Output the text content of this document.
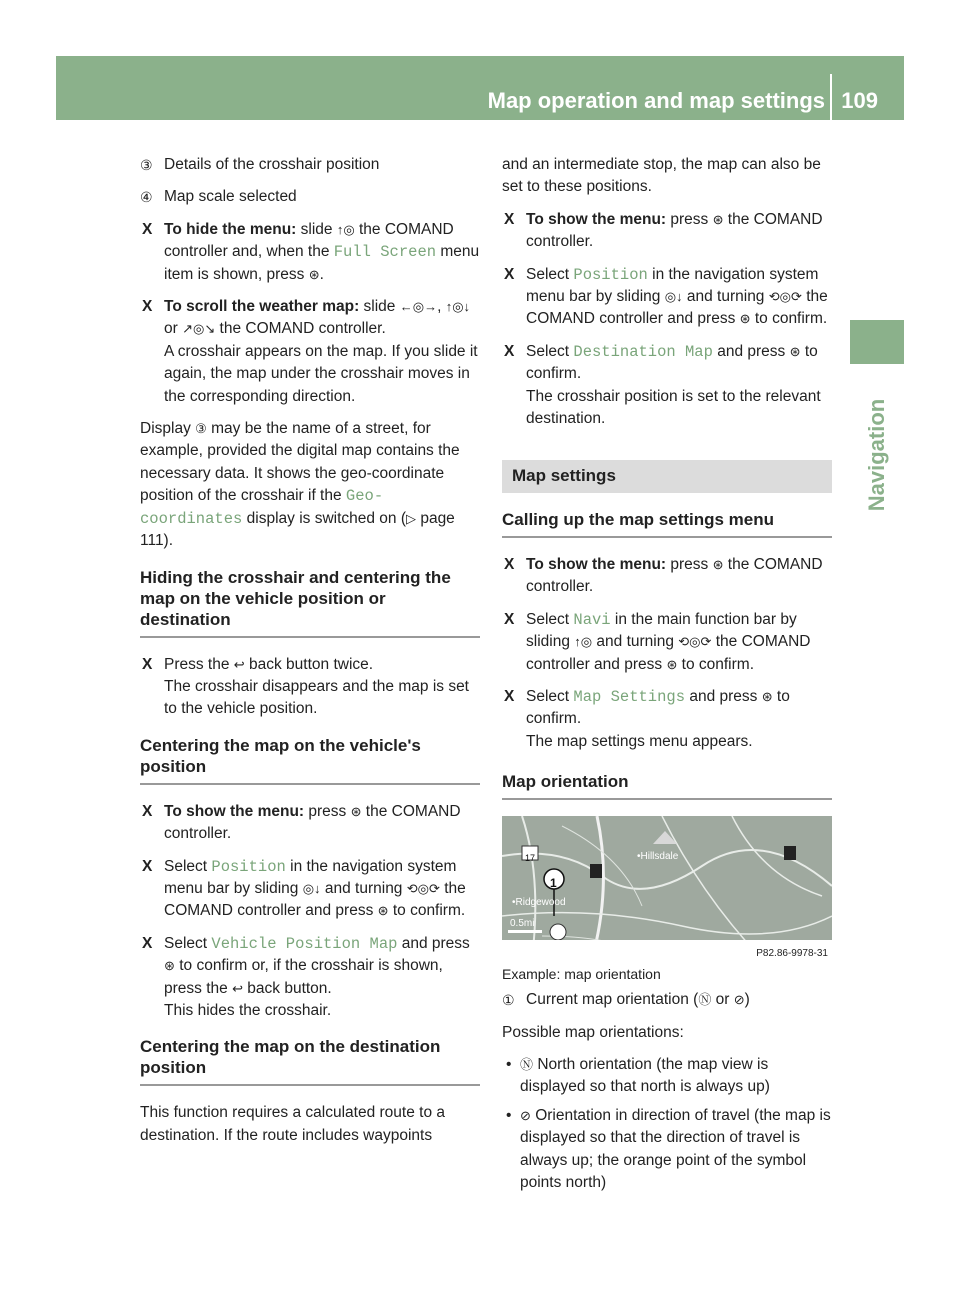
Map operation and map settings 109
Navigation
③ Details of the crosshair position
④ Map scale selected
X To hide the menu: slide ↑◎ the COMAND controller and, when the Full Screen menu item is shown, press ⊛.
X To scroll the weather map: slide ←◎→, ↑◎↓ or ↗◎↘ the COMAND controller.

A crosshair appears on the map. If you slide it again, the map under the crosshair moves in the corresponding direction.

Display ③ may be the name of a street, for example, provided the digital map contains the necessary data. It shows the geo-coordinate position of the crosshair if the Geo-coordinates display is switched on (▷ page 111).

Hiding the crosshair and centering the map on the vehicle position or destination
X Press the ↩ back button twice.

The crosshair disappears and the map is set to the vehicle position.

Centering the map on the vehicle's position
X To show the menu: press ⊛ the COMAND controller.
X Select Position in the navigation system menu bar by sliding ◎↓ and turning ⟲◎⟳ the COMAND controller and press ⊛ to confirm.
X Select Vehicle Position Map and press ⊛ to confirm or, if the crosshair is shown, press the ↩ back button.

This hides the crosshair.

Centering the map on the destination position

This function requires a calculated route to a destination. If the route includes waypoints

and an intermediate stop, the map can also be set to these positions.

X To show the menu: press ⊛ the COMAND controller.
X Select Position in the navigation system menu bar by sliding ◎↓ and turning ⟲◎⟳ the COMAND controller and press ⊛ to confirm.
X Select Destination Map and press ⊛ to confirm.

The crosshair position is set to the relevant destination.

Map settings
Calling up the map settings menu
X To show the menu: press ⊛ the COMAND controller.
X Select Navi in the main function bar by sliding ↑◎ and turning ⟲◎⟳ the COMAND controller and press ⊛ to confirm.
X Select Map Settings and press ⊛ to confirm.

The map settings menu appears.

Map orientation
•Hillsdale
•Ridgewood
0.5mi
17
1
P82.86-9978-31
Example: map orientation
① Current map orientation (Ⓝ or ⊘)

Possible map orientations:

• Ⓝ North orientation (the map view is displayed so that north is always up)
• ⊘ Orientation in direction of travel (the map is displayed so that the direction of travel is always up; the orange point of the symbol points north)
